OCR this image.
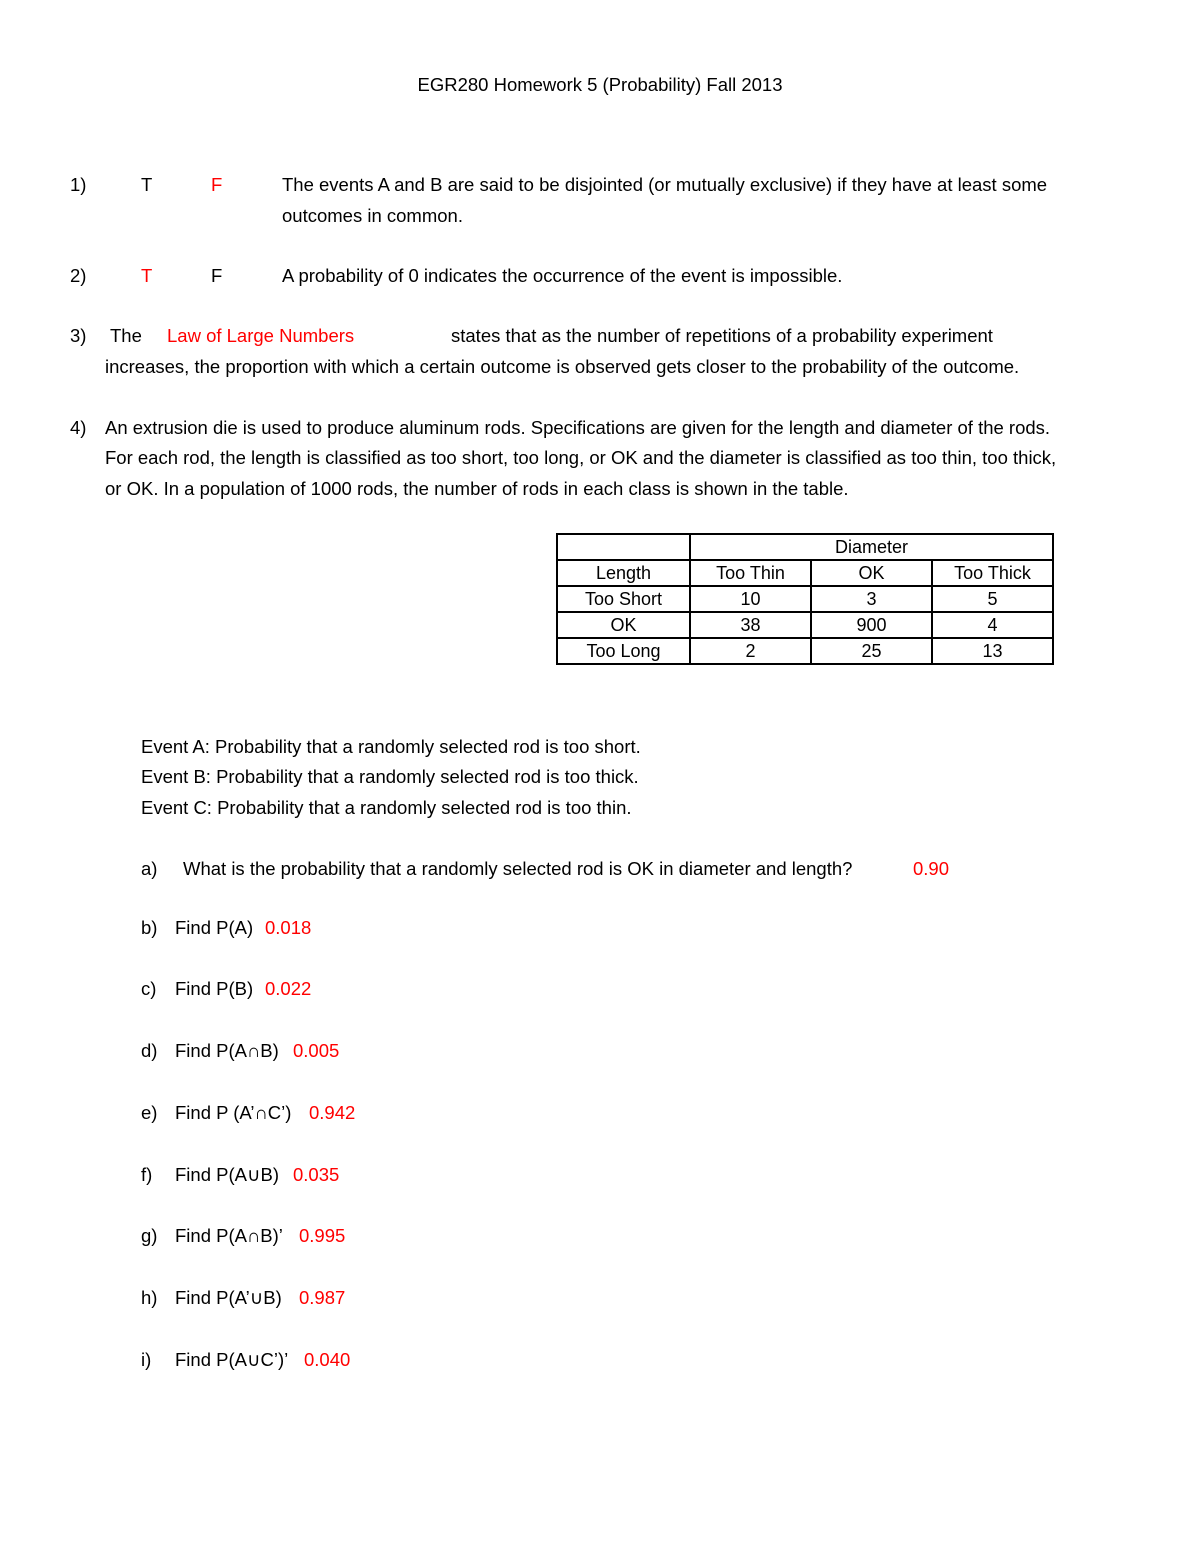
EGR280 Homework 5 (Probability) Fall 2013
1)	T	F	The events A and B are said to be disjointed (or mutually exclusive) if they have at least some
outcomes in common.
2)	T	F	A probability of 0 indicates the occurrence of the event is impossible.
3) The Law of Large Numbers	states that as the number of repetitions of a probability experiment
increases, the proportion with which a certain outcome is observed gets closer to the probability of the outcome.
4) An extrusion die is used to produce aluminum rods. Specifications are given for the length and diameter of the rods.
For each rod, the length is classified as too short, too long, or OK and the diameter is classified as too thin, too thick,
or OK. In a population of 1000 rods, the number of rods in each class is shown in the table.
	Diameter		
Length	Too Thin	OK	Too Thick
Too Short	10	3	5
OK	38	900	4
Too Long	2	25	13
Event A: Probability that a randomly selected rod is too short.
Event B: Probability that a randomly selected rod is too thick.
Event C: Probability that a randomly selected rod is too thin.
a) What is the probability that a randomly selected rod is OK in diameter and length?	0.90
b) Find P(A) 0.018
c) Find P(B) 0.022
d) Find P(A∩B) 0.005
e) Find P (A’∩C’) 0.942
f) Find P(A∪B) 0.035
g) Find P(A∩B)’ 0.995
h) Find P(A’∪B) 0.987
i) Find P(A∪C’)’ 0.040
